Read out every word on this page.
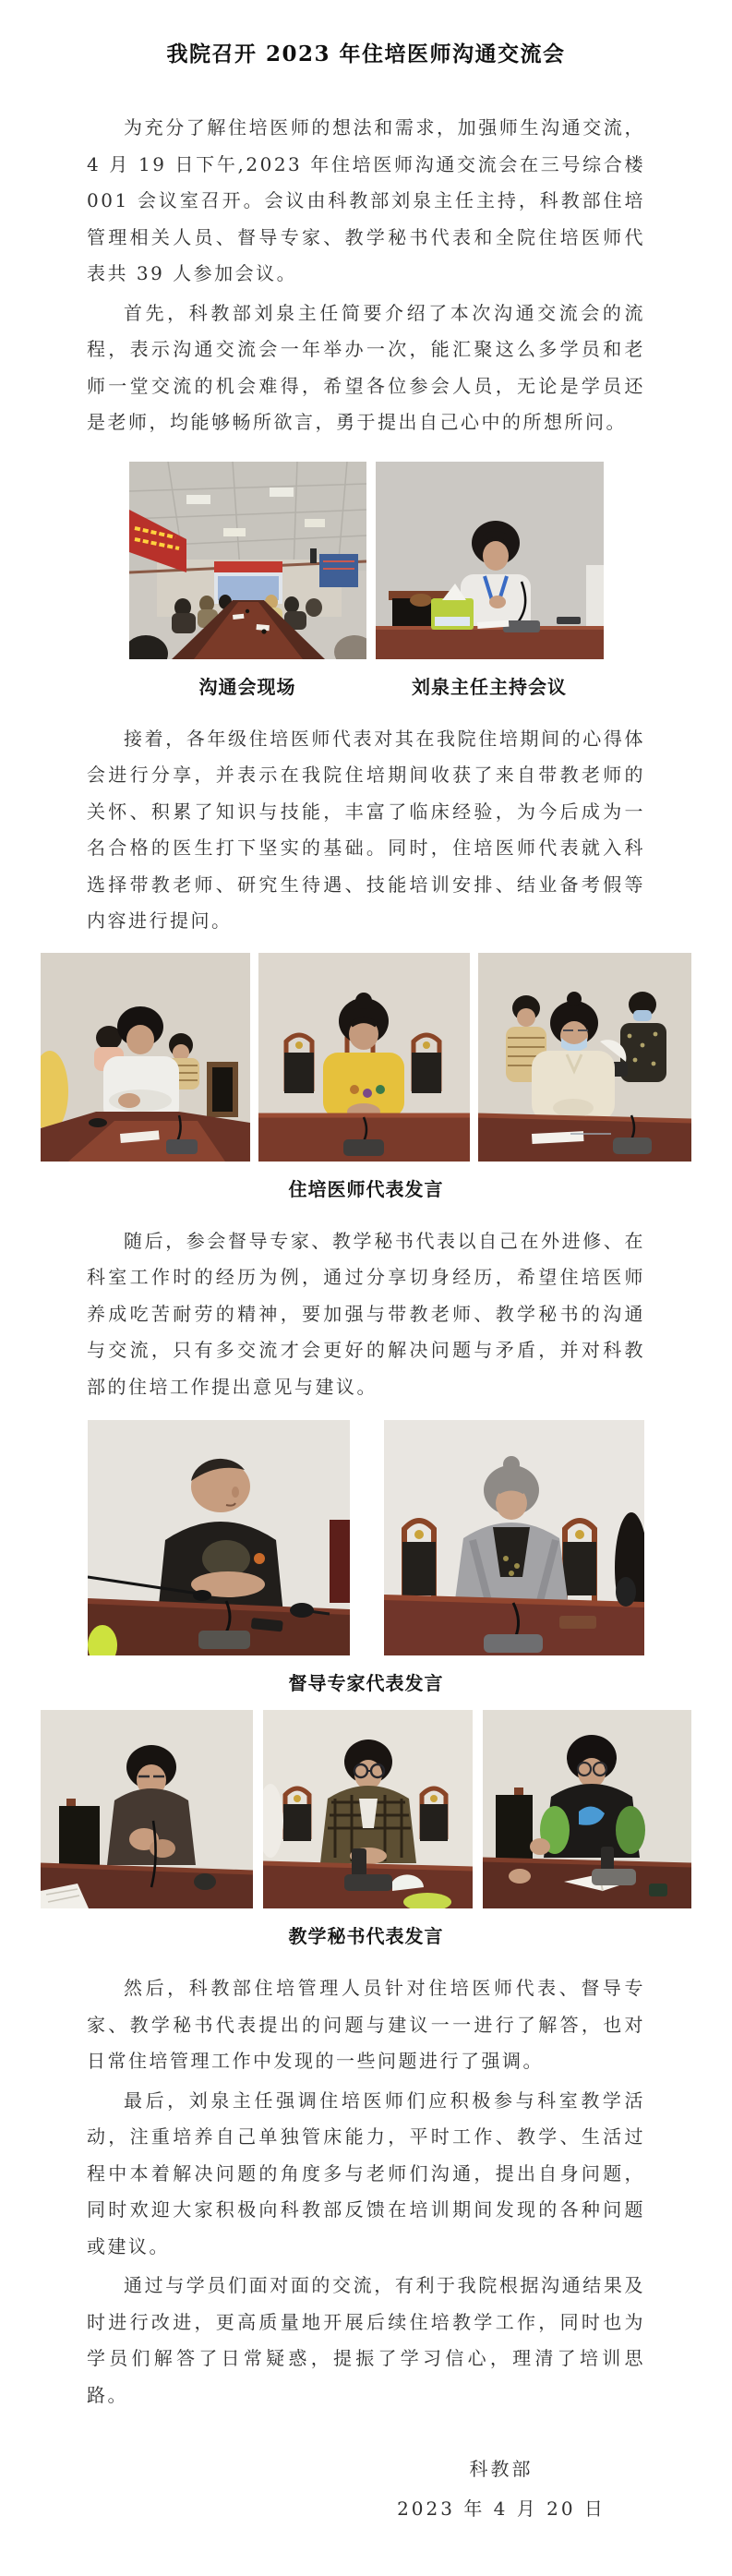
我院召开 2023 年住培医师沟通交流会

为充分了解住培医师的想法和需求，加强师生沟通交流，4 月 19 日下午,2023 年住培医师沟通交流会在三号综合楼 001 会议室召开。会议由科教部刘泉主任主持，科教部住培管理相关人员、督导专家、教学秘书代表和全院住培医师代表共 39 人参加会议。

首先，科教部刘泉主任简要介绍了本次沟通交流会的流程，表示沟通交流会一年举办一次，能汇聚这么多学员和老师一堂交流的机会难得，希望各位参会人员，无论是学员还是老师，均能够畅所欲言，勇于提出自己心中的所想所问。

沟通会现场	刘泉主任主持会议

接着，各年级住培医师代表对其在我院住培期间的心得体会进行分享，并表示在我院住培期间收获了来自带教老师的关怀、积累了知识与技能，丰富了临床经验，为今后成为一名合格的医生打下坚实的基础。同时，住培医师代表就入科选择带教老师、研究生待遇、技能培训安排、结业备考假等内容进行提问。

住培医师代表发言

随后，参会督导专家、教学秘书代表以自己在外进修、在科室工作时的经历为例，通过分享切身经历，希望住培医师养成吃苦耐劳的精神，要加强与带教老师、教学秘书的沟通与交流，只有多交流才会更好的解决问题与矛盾，并对科教部的住培工作提出意见与建议。

督导专家代表发言
教学秘书代表发言

然后，科教部住培管理人员针对住培医师代表、督导专家、教学秘书代表提出的问题与建议一一进行了解答，也对日常住培管理工作中发现的一些问题进行了强调。

最后，刘泉主任强调住培医师们应积极参与科室教学活动，注重培养自己单独管床能力，平时工作、教学、生活过程中本着解决问题的角度多与老师们沟通，提出自身问题，同时欢迎大家积极向科教部反馈在培训期间发现的各种问题或建议。

通过与学员们面对面的交流，有利于我院根据沟通结果及时进行改进，更高质量地开展后续住培教学工作，同时也为学员们解答了日常疑惑，提振了学习信心，理清了培训思路。

科教部
2023 年 4 月 20 日
